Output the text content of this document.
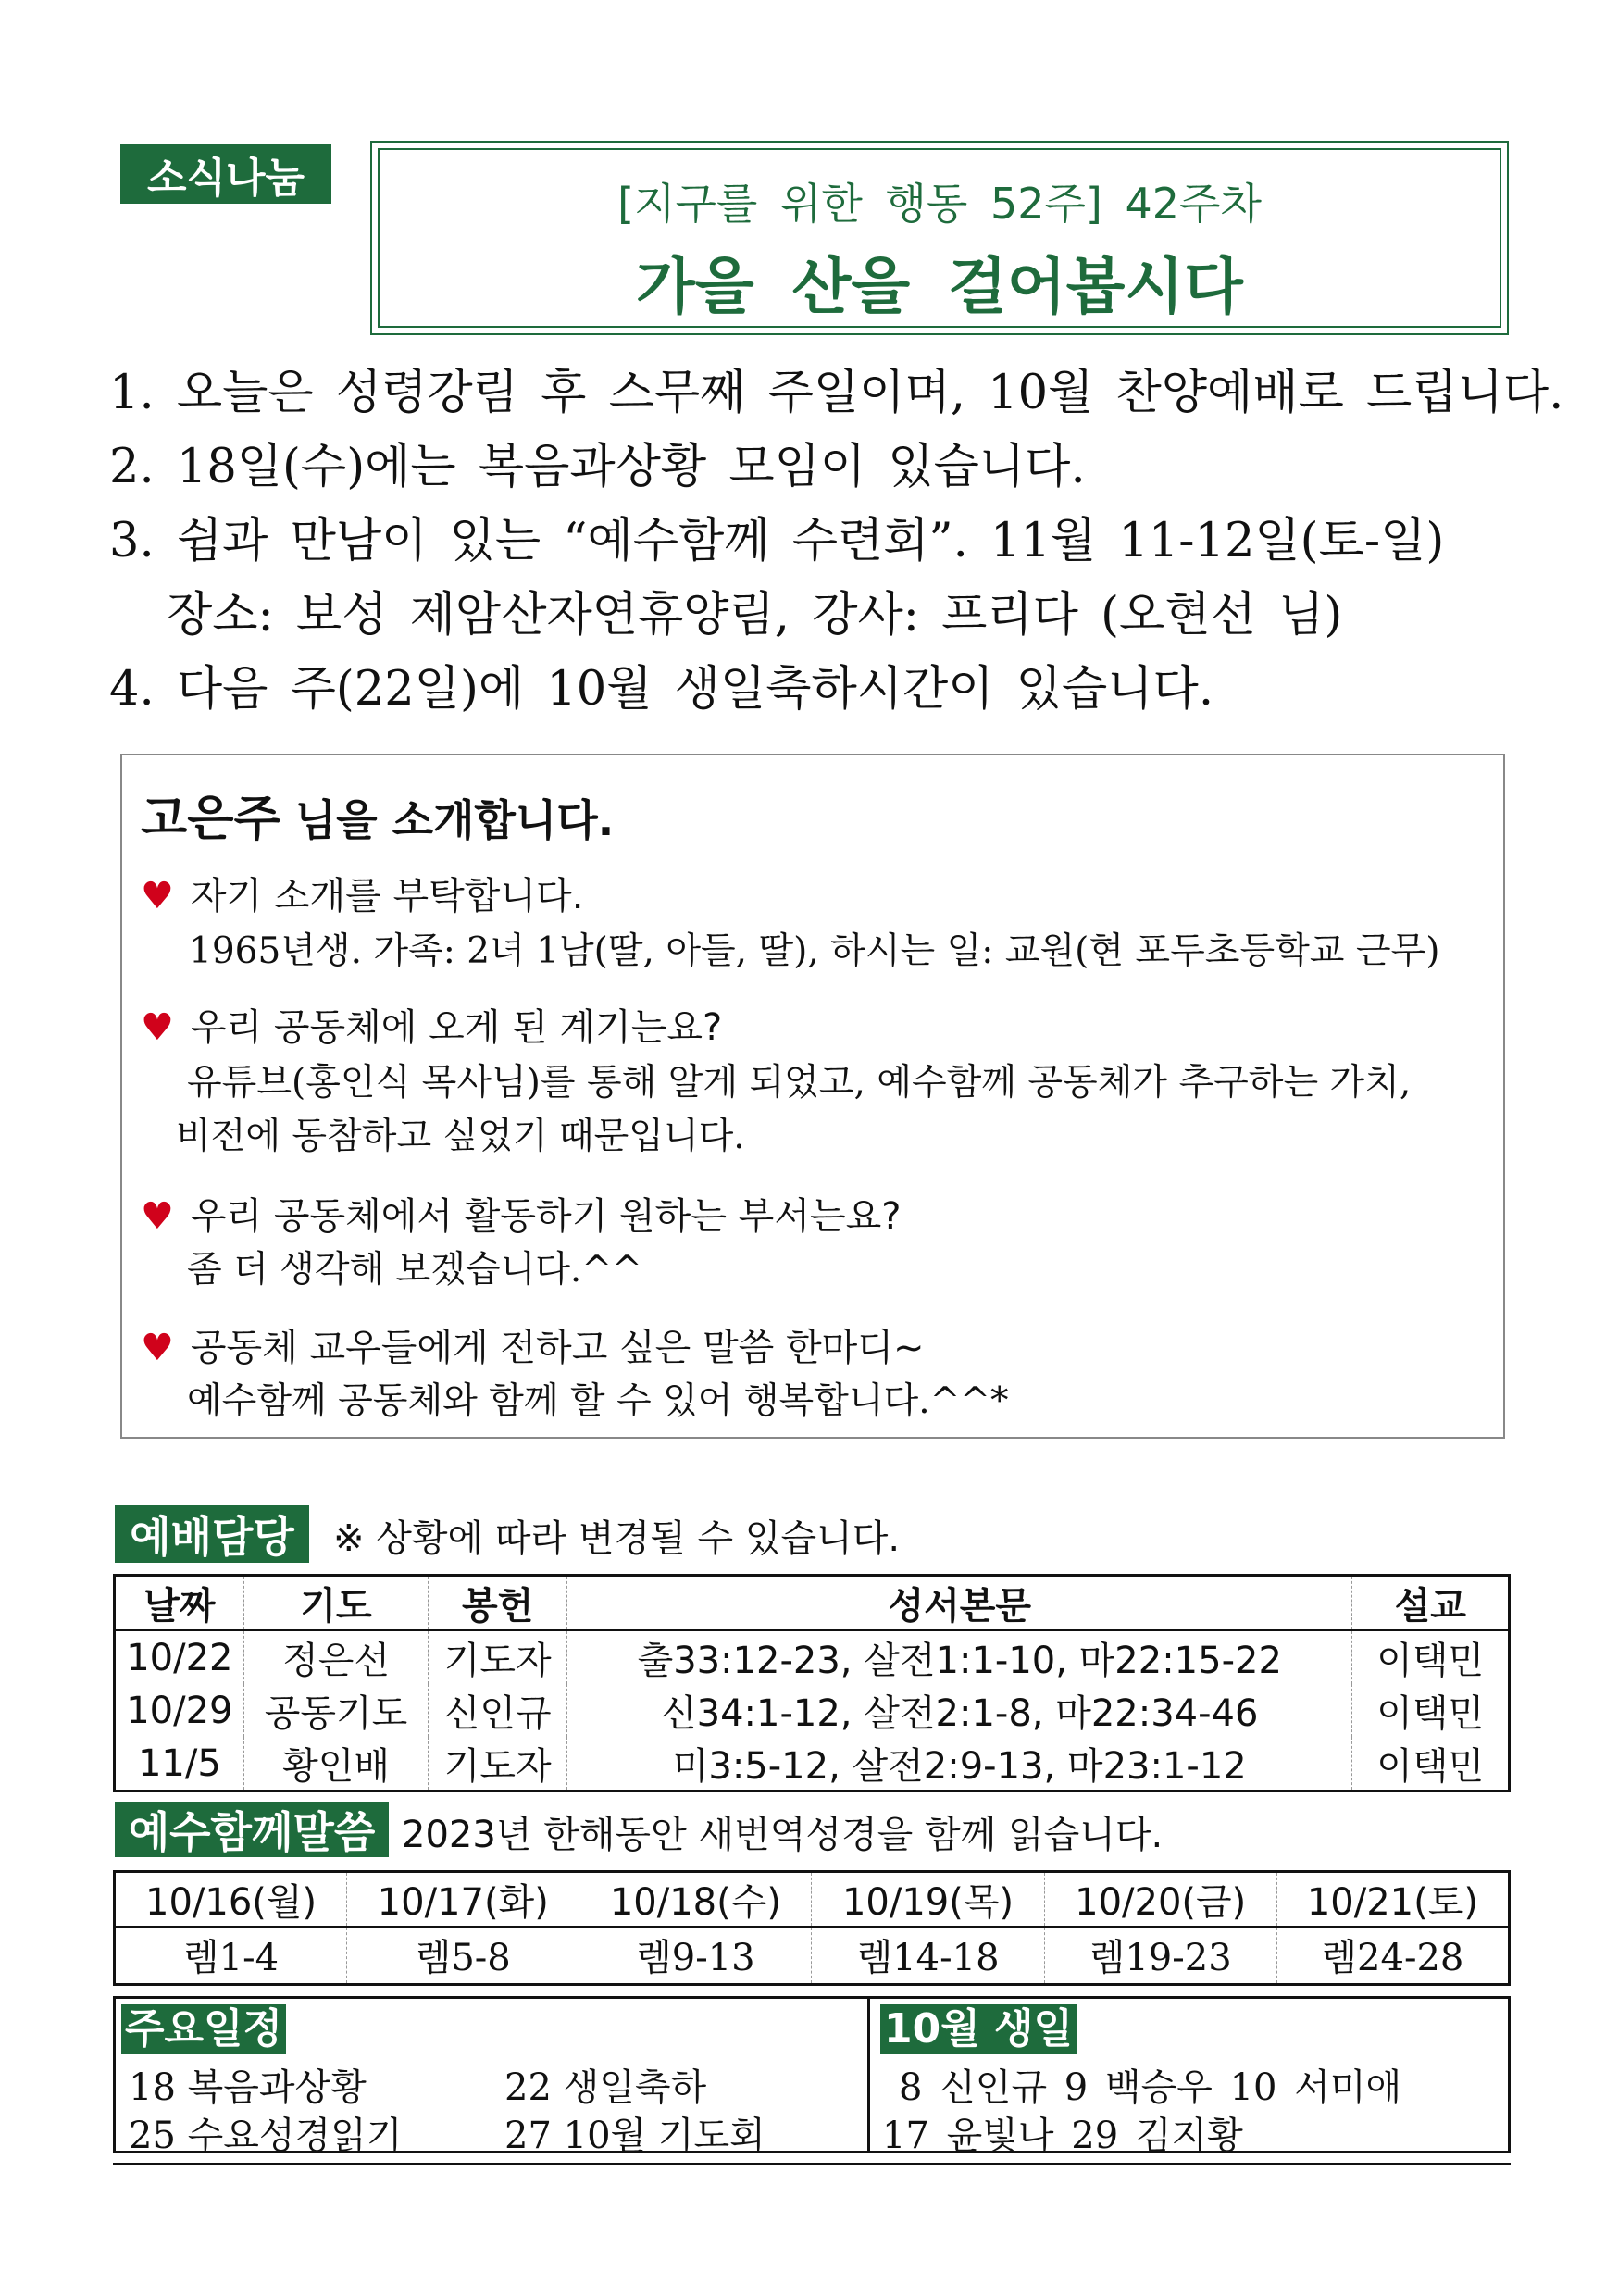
소식나눔
[지구를 위한 행동 52주] 42주차
가을 산을 걸어봅시다
1. 오늘은 성령강림 후 스무째 주일이며, 10월 찬양예배로 드립니다.
2. 18일(수)에는 복음과상황 모임이 있습니다.
3. 쉼과 만남이 있는 “예수함께 수련회”. 11월 11-12일(토-일)
장소: 보성 제암산자연휴양림, 강사: 프리다 (오현선 님)
4. 다음 주(22일)에 10월 생일축하시간이 있습니다.
고은주 님을 소개합니다.
♥ 자기 소개를 부탁합니다.
1965년생. 가족: 2녀 1남(딸, 아들, 딸), 하시는 일: 교원(현 포두초등학교 근무)
♥ 우리 공동체에 오게 된 계기는요?
유튜브(홍인식 목사님)를 통해 알게 되었고, 예수함께 공동체가 추구하는 가치,
비전에 동참하고 싶었기 때문입니다.
♥ 우리 공동체에서 활동하기 원하는 부서는요?
좀 더 생각해 보겠습니다.^^
♥ 공동체 교우들에게 전하고 싶은 말씀 한마디~
예수함께 공동체와 함께 할 수 있어 행복합니다.^^*
예배담당	※ 상황에 따라 변경될 수 있습니다.
날짜	기도	봉헌	성서본문	설교
10/22	정은선	기도자	출33:12-23, 살전1:1-10, 마22:15-22	이택민
10/29	공동기도	신인규	신34:1-12, 살전2:1-8, 마22:34-46	이택민
11/5	황인배	기도자	미3:5-12, 살전2:9-13, 마23:1-12	이택민
예수함께말씀 2023년 한해동안 새번역성경을 함께 읽습니다.
10/16(월)	10/17(화)	10/18(수)	10/19(목)	10/20(금)	10/21(토)
렘1-4	렘5-8	렘9-13	렘14-18	렘19-23	렘24-28
주요일정
18 복음과상황	22 생일축하
25 수요성경읽기	27 10월 기도회
10월 생일
8 신인규 9 백승우 10 서미애
17 윤빛나 29 김지황
